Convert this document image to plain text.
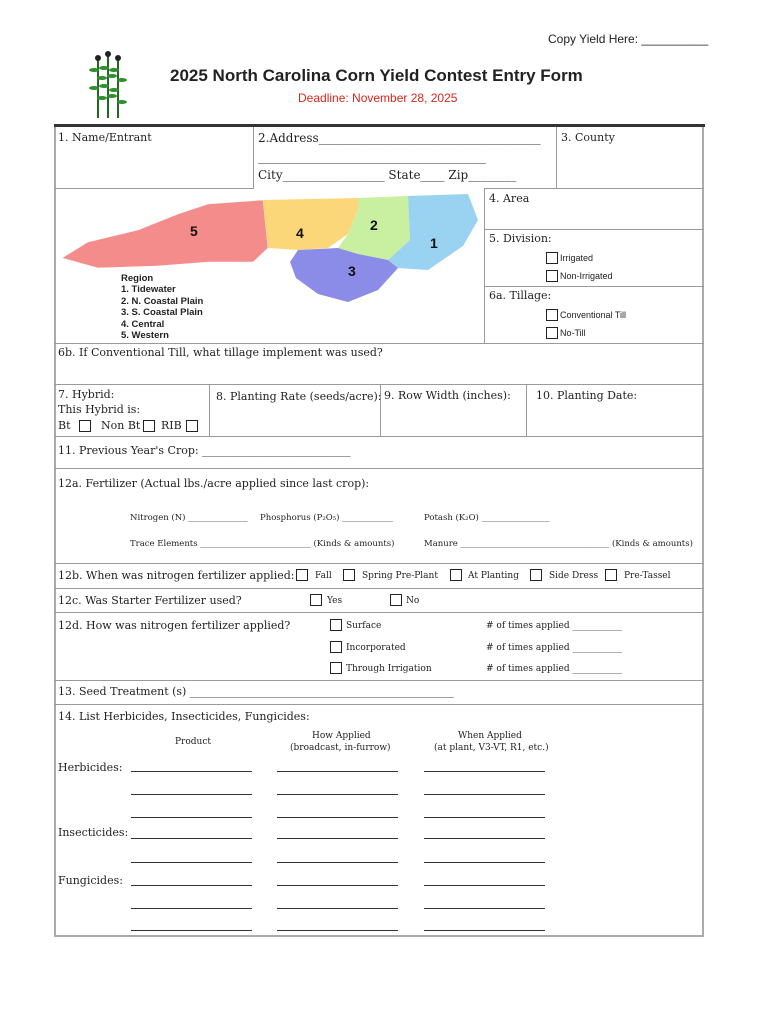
Copy Yield Here: __________
2025 North Carolina Corn Yield Contest Entry Form
Deadline: November 28, 2025
1. Name/Entrant	2.Address_____________________________________
______________________________________
City_________________ State____ Zip________
3. County
5	4	2
1
3
Region
1. Tidewater
2. N. Coastal Plain
3. S. Coastal Plain
4. Central
5. Western
4. Area
5. Division:
Irrigated
Non-Irrigated
6a. Tillage:
Conventional Till
No-Till
6b. If Conventional Till, what tillage implement was used?
7. Hybrid:
This Hybrid is:
Bt	Non Bt RIB
8. Planting Rate (seeds/acre): 9. Row Width (inches): 10. Planting Date:
11. Previous Year's Crop: ___________________________
12a. Fertilizer (Actual lbs./acre applied since last crop):
Nitrogen (N) ______________ Phosphorus (P₂O₅) ____________	Potash (K₂O) ________________
Trace Elements __________________________ (Kinds & amounts)	Manure ___________________________________ (Kinds & amounts)
12b. When was nitrogen fertilizer applied: Fall	Spring Pre-Plant	At Planting	Side Dress	Pre-Tassel
12c. Was Starter Fertilizer used?	Yes	No
12d. How was nitrogen fertilizer applied?	Surface	# of times applied ___________
Incorporated	# of times applied ___________
Through Irrigation	# of times applied ___________
13. Seed Treatment (s) ________________________________________________
14. List Herbicides, Insecticides, Fungicides:
Product
How Applied
(broadcast, in-furrow)
When Applied
(at plant, V3-VT, R1, etc.)
Herbicides:
Insecticides:
Fungicides:
